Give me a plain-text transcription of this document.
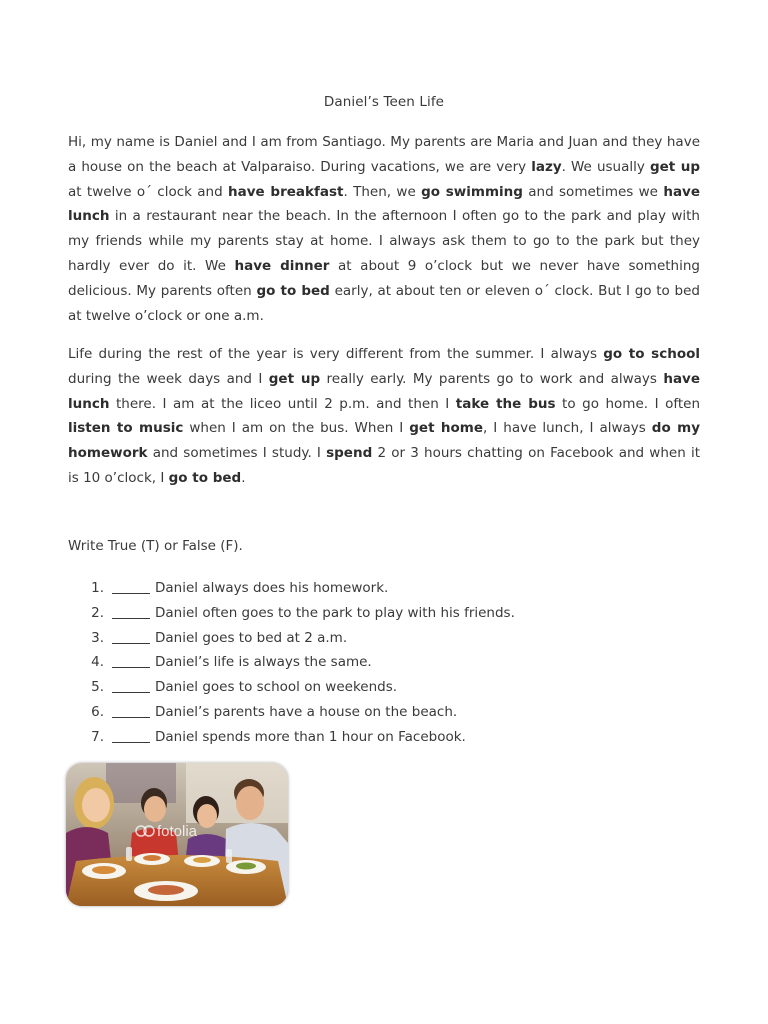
Daniel’s Teen Life

Hi, my name is Daniel and I am from Santiago. My parents are Maria and Juan and they have a house on the beach at Valparaiso. During vacations, we are very lazy. We usually get up at twelve o´ clock and have breakfast. Then, we go swimming and sometimes we have lunch in a restaurant near the beach. In the afternoon I often go to the park and play with my friends while my parents stay at home. I always ask them to go to the park but they hardly ever do it. We have dinner at about 9 o’clock but we never have something delicious. My parents often go to bed early, at about ten or eleven o´ clock. But I go to bed at twelve o’clock or one a.m.

Life during the rest of the year is very different from the summer. I always go to school during the week days and I get up really early. My parents go to work and always have lunch there. I am at the liceo until 2 p.m. and then I take the bus to go home. I often listen to music when I am on the bus. When I get home, I have lunch, I always do my homework and sometimes I study. I spend 2 or 3 hours chatting on Facebook and when it is 10 o’clock, I go to bed.

Write True (T) or False (F).
1.	Daniel always does his homework.
2.	Daniel often goes to the park to play with his friends.
3.	Daniel goes to bed at 2 a.m.
4.	Daniel’s life is always the same.
5.	Daniel goes to school on weekends.
6.	Daniel’s parents have a house on the beach.
7.	Daniel spends more than 1 hour on Facebook.
fotolia
